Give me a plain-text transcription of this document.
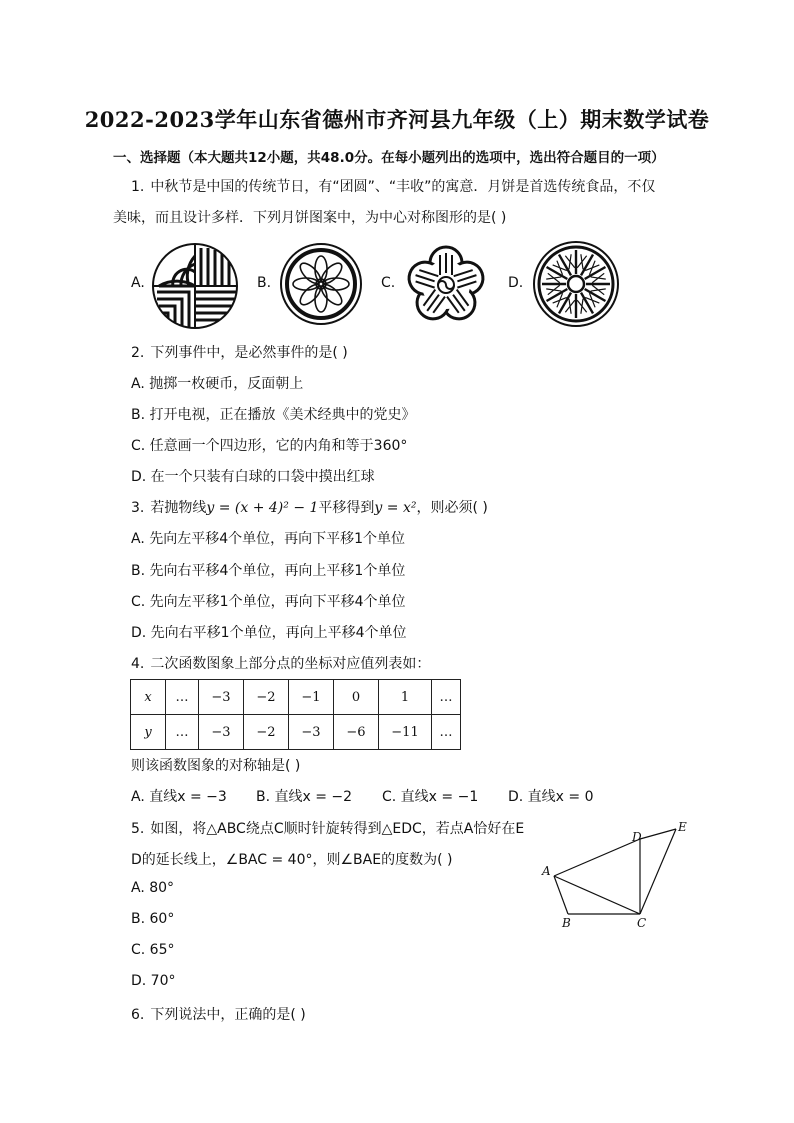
2022-2023学年山东省德州市齐河县九年级（上）期末数学试卷
一、选择题（本大题共12小题，共48.0分。在每小题列出的选项中，选出符合题目的一项）
1. 中秋节是中国的传统节日，有“团圆”、“丰收”的寓意．月饼是首选传统食品，不仅
美味，而且设计多样．下列月饼图案中，为中心对称图形的是( )
A.	B.	C.	D.
2. 下列事件中，是必然事件的是( )
A. 抛掷一枚硬币，反面朝上
B. 打开电视，正在播放《美术经典中的党史》
C. 任意画一个四边形，它的内角和等于360°
D. 在一个只装有白球的口袋中摸出红球
3. 若抛物线y = (x + 4)² − 1平移得到y = x²，则必须( )
A. 先向左平移4个单位，再向下平移1个单位
B. 先向右平移4个单位，再向上平移1个单位
C. 先向左平移1个单位，再向下平移4个单位
D. 先向右平移1个单位，再向上平移4个单位
4. 二次函数图象上部分点的坐标对应值列表如：
x	…	−3	−2	−1	0	1	…
y	…	−3	−2	−3	−6	−11	…
则该函数图象的对称轴是( )
A. 直线x = −3 B. 直线x = −2 C. 直线x = −1 D. 直线x = 0
5. 如图，将△ABC绕点C顺时针旋转得到△EDC，若点A恰好在E
D的延长线上，∠BAC = 40°，则∠BAE的度数为( )
A. 80°
B. 60°
C. 65°
D. 70°
A
B	C
D
E
6. 下列说法中，正确的是( )
